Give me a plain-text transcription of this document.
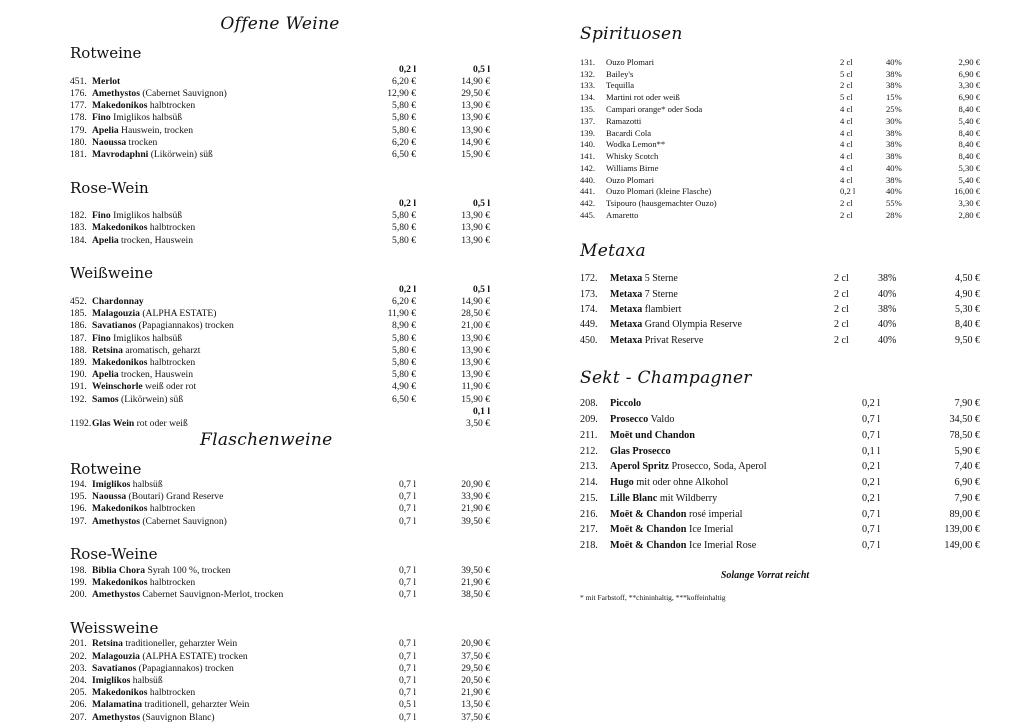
Offene Weine
Rotweine
		0,2 l	0,5 l
451.	Merlot	6,20 €	14,90 €
176.	Amethystos (Cabernet Sauvignon)	12,90 €	29,50 €
177.	Makedonikos halbtrocken	5,80 €	13,90 €
178.	Fino Imiglikos halbsüß	5,80 €	13,90 €
179.	Apelia Hauswein, trocken	5,80 €	13,90 €
180.	Naoussa trocken	6,20 €	14,90 €
181.	Mavrodaphni (Likörwein) süß	6,50 €	15,90 €
Rose-Wein
		0,2 l	0,5 l
182.	Fino Imiglikos halbsüß	5,80 €	13,90 €
183.	Makedonikos halbtrocken	5,80 €	13,90 €
184.	Apelia trocken, Hauswein	5,80 €	13,90 €
Weißweine
		0,2 l	0,5 l
452.	Chardonnay	6,20 €	14,90 €
185.	Malagouzia (ALPHA ESTATE)	11,90 €	28,50 €
186.	Savatianos (Papagiannakos) trocken	8,90 €	21,00 €
187.	Fino Imiglikos halbsüß	5,80 €	13,90 €
188.	Retsina aromatisch, geharzt	5,80 €	13,90 €
189.	Makedonikos halbtrocken	5,80 €	13,90 €
190.	Apelia trocken, Hauswein	5,80 €	13,90 €
191.	Weinschorle weiß oder rot	4,90 €	11,90 €
192.	Samos (Likörwein) süß	6,50 €	15,90 €
			0,1 l
1192.	Glas Wein rot oder weiß		3,50 €
Flaschenweine
Rotweine
194.	Imiglikos halbsüß	0,7 l	20,90 €
195.	Naoussa (Boutari) Grand Reserve	0,7 l	33,90 €
196.	Makedonikos halbtrocken	0,7 l	21,90 €
197.	Amethystos (Cabernet Sauvignon)	0,7 l	39,50 €
Rose-Weine
198.	Biblia Chora Syrah 100 %, trocken	0,7 l	39,50 €
199.	Makedonikos halbtrocken	0,7 l	21,90 €
200.	Amethystos Cabernet Sauvignon-Merlot, trocken	0,7 l	38,50 €
Weissweine
201.	Retsina traditioneller, geharzter Wein	0,7 l	20,90 €
202.	Malagouzia (ALPHA ESTATE) trocken	0,7 l	37,50 €
203.	Savatianos (Papagiannakos) trocken	0,7 l	29,50 €
204.	Imiglikos halbsüß	0,7 l	20,50 €
205.	Makedonikos halbtrocken	0,7 l	21,90 €
206.	Malamatina traditionell, geharzter Wein	0,5 l	13,50 €
207.	Amethystos (Sauvignon Blanc)	0,7 l	37,50 €
Spirituosen
131.	Ouzo Plomari	2 cl	40%	2,90 €
132.	Bailey's	5 cl	38%	6,90 €
133.	Tequilla	2 cl	38%	3,30 €
134.	Martini rot oder weiß	5 cl	15%	6,90 €
135.	Campari orange* oder Soda	4 cl	25%	8,40 €
137.	Ramazotti	4 cl	30%	5,40 €
139.	Bacardi Cola	4 cl	38%	8,40 €
140.	Wodka Lemon**	4 cl	38%	8,40 €
141.	Whisky Scotch	4 cl	38%	8,40 €
142.	Williams Birne	4 cl	40%	5,30 €
440.	Ouzo Plomari	4 cl	38%	5,40 €
441.	Ouzo Plomari (kleine Flasche)	0,2 l	40%	16,00 €
442.	Tsipouro (hausgemachter Ouzo)	2 cl	55%	3,30 €
445.	Amaretto	2 cl	28%	2,80 €
Metaxa
172.	Metaxa 5 Sterne	2 cl	38%	4,50 €
173.	Metaxa 7 Sterne	2 cl	40%	4,90 €
174.	Metaxa flambiert	2 cl	38%	5,30 €
449.	Metaxa Grand Olympia Reserve	2 cl	40%	8,40 €
450.	Metaxa Privat Reserve	2 cl	40%	9,50 €
Sekt - Champagner
208.	Piccolo	0,2 l	7,90 €
209.	Prosecco Valdo	0,7 l	34,50 €
211.	Moët und Chandon	0,7 l	78,50 €
212.	Glas Prosecco	0,1 l	5,90 €
213.	Aperol Spritz Prosecco, Soda, Aperol	0,2 l	7,40 €
214.	Hugo mit oder ohne Alkohol	0,2 l	6,90 €
215.	Lille Blanc mit Wildberry	0,2 l	7,90 €
216.	Moët & Chandon rosé imperial	0,7 l	89,00 €
217.	Moët & Chandon Ice Imerial	0,7 l	139,00 €
218.	Moët & Chandon Ice Imerial Rose	0,7 l	149,00 €
Solange Vorrat reicht
* mit Farbstoff, **chininhaltig, ***koffeinhaltig
